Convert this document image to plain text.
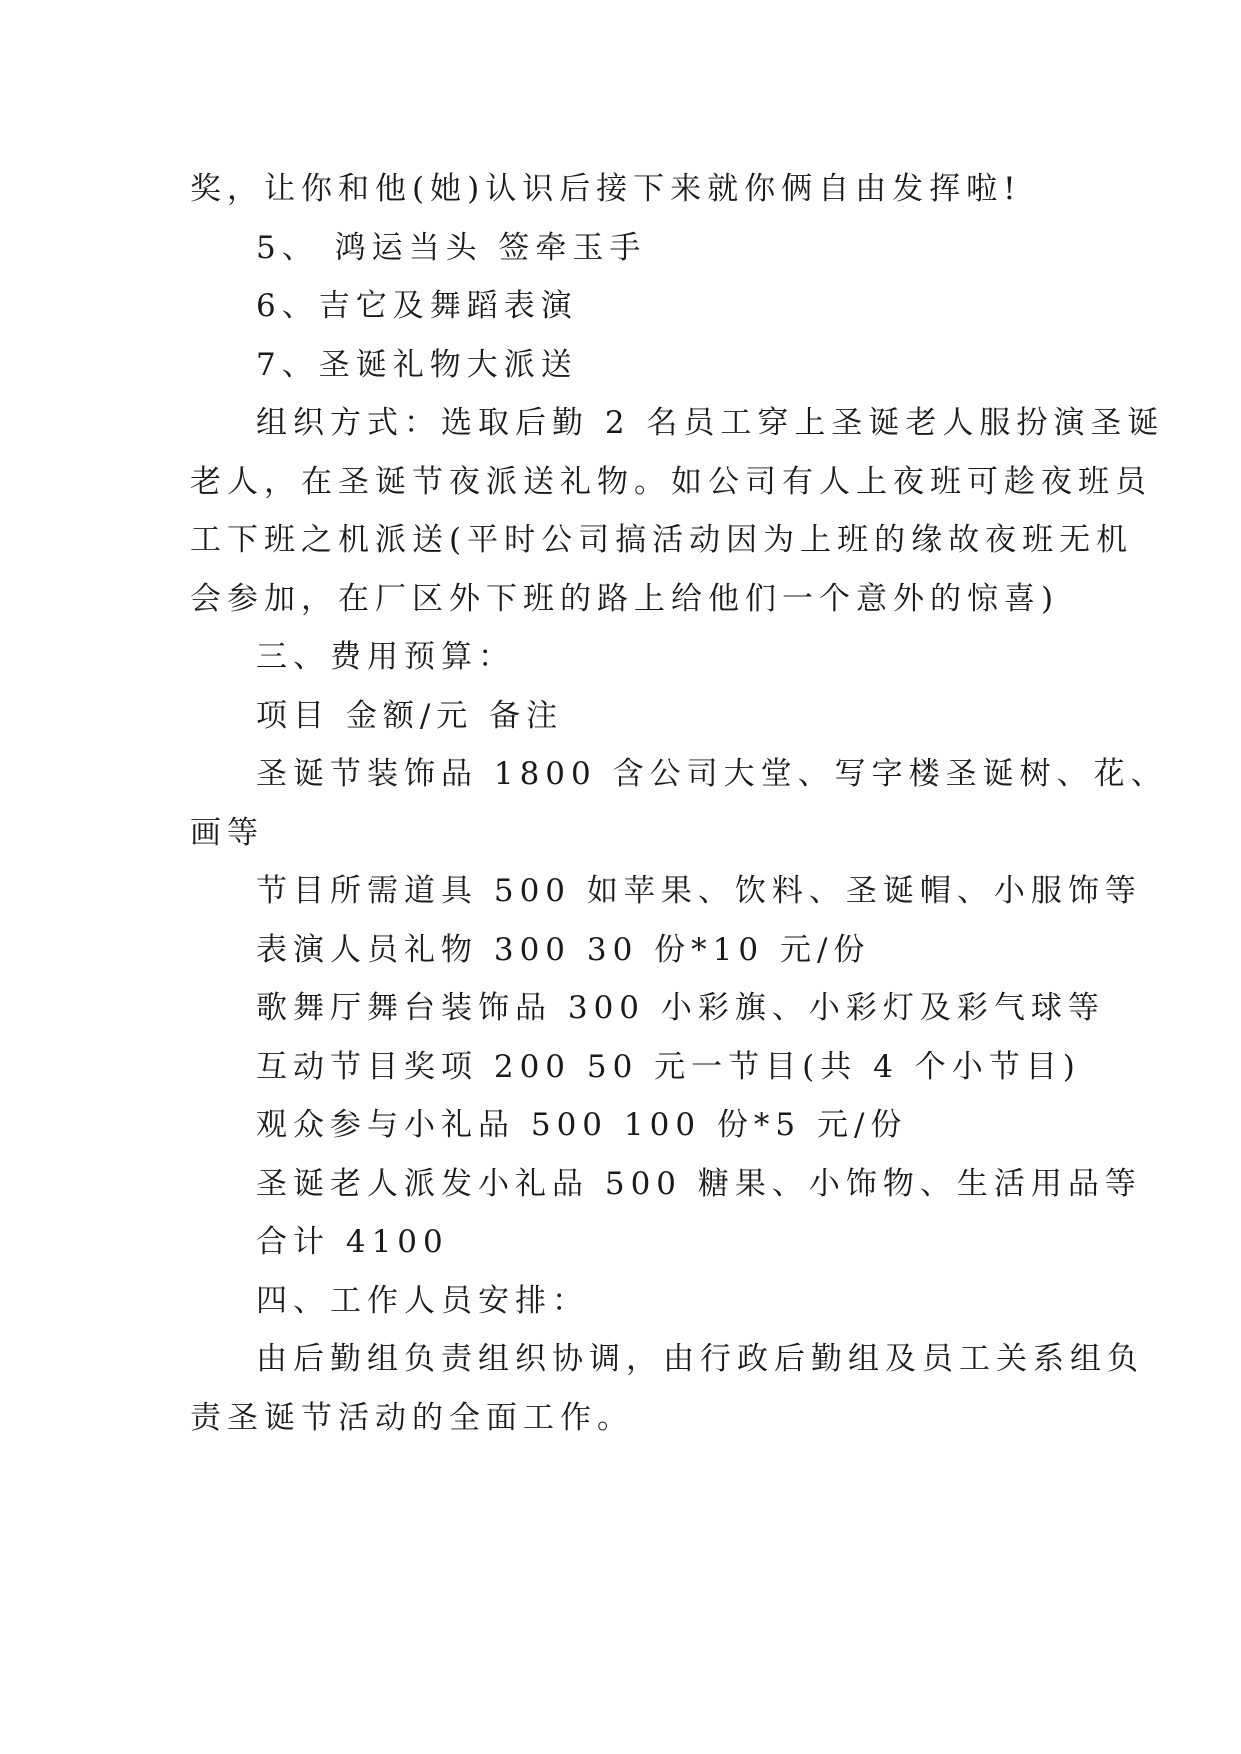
奖，让你和他(她)认识后接下来就你俩自由发挥啦!
5、 鸿运当头 签牵玉手
6、吉它及舞蹈表演
7、圣诞礼物大派送
组织方式：选取后勤 2 名员工穿上圣诞老人服扮演圣诞
老人，在圣诞节夜派送礼物。如公司有人上夜班可趁夜班员
工下班之机派送(平时公司搞活动因为上班的缘故夜班无机
会参加，在厂区外下班的路上给他们一个意外的惊喜)
三、费用预算：
项目 金额/元 备注
圣诞节装饰品 1800 含公司大堂、写字楼圣诞树、花、
画等
节目所需道具 500 如苹果、饮料、圣诞帽、小服饰等
表演人员礼物 300 30 份*10 元/份
歌舞厅舞台装饰品 300 小彩旗、小彩灯及彩气球等
互动节目奖项 200 50 元一节目(共 4 个小节目)
观众参与小礼品 500 100 份*5 元/份
圣诞老人派发小礼品 500 糖果、小饰物、生活用品等
合计 4100
四、工作人员安排：
由后勤组负责组织协调，由行政后勤组及员工关系组负
责圣诞节活动的全面工作。
